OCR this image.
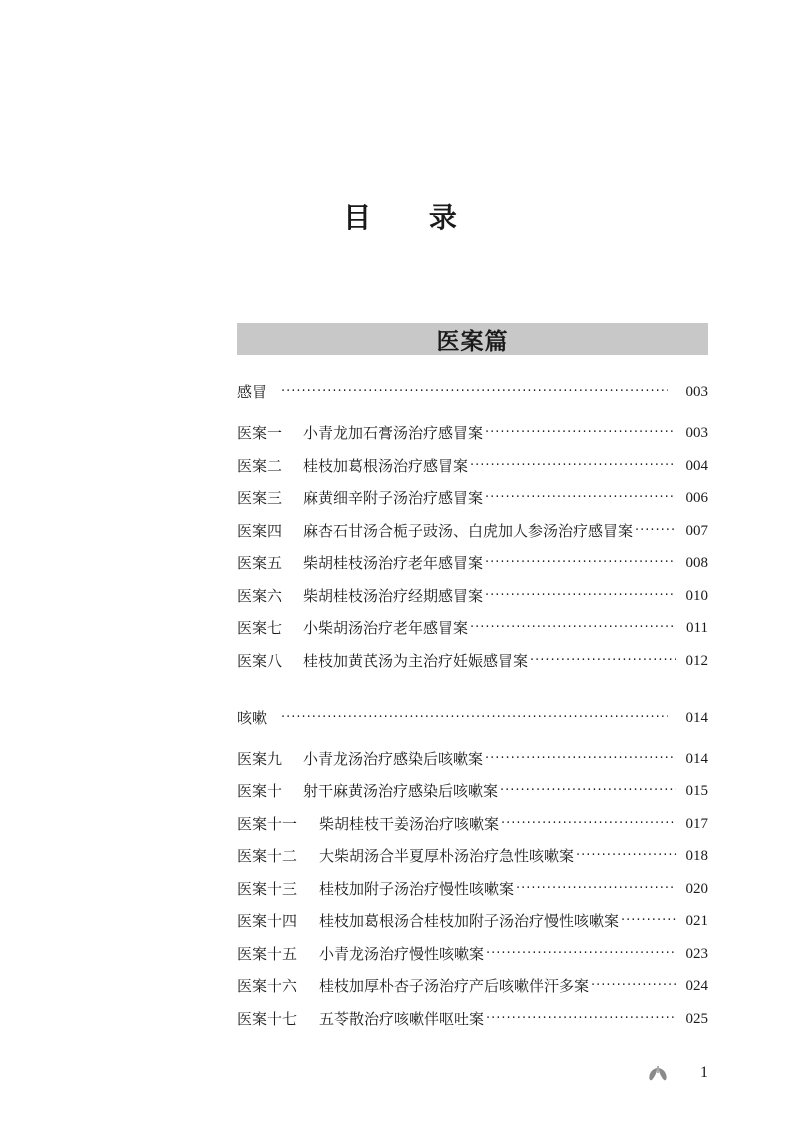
目 录
医案篇
感冒 ·····	003
医案一	小青龙加石膏汤治疗感冒案 ·····	003
医案二	桂枝加葛根汤治疗感冒案 ·····	004
医案三	麻黄细辛附子汤治疗感冒案 ·····	006
医案四	麻杏石甘汤合栀子豉汤、白虎加人参汤治疗感冒案 ·····	007
医案五	柴胡桂枝汤治疗老年感冒案 ·····	008
医案六	柴胡桂枝汤治疗经期感冒案 ·····	010
医案七	小柴胡汤治疗老年感冒案 ·····	011
医案八	桂枝加黄芪汤为主治疗妊娠感冒案 ·····	012
咳嗽 ·····	014
医案九	小青龙汤治疗感染后咳嗽案 ·····	014
医案十	射干麻黄汤治疗感染后咳嗽案 ·····	015
医案十一	柴胡桂枝干姜汤治疗咳嗽案 ·····	017
医案十二	大柴胡汤合半夏厚朴汤治疗急性咳嗽案 ·····	018
医案十三	桂枝加附子汤治疗慢性咳嗽案 ·····	020
医案十四	桂枝加葛根汤合桂枝加附子汤治疗慢性咳嗽案 ·····	021
医案十五	小青龙汤治疗慢性咳嗽案 ·····	023
医案十六	桂枝加厚朴杏子汤治疗产后咳嗽伴汗多案 ·····	024
医案十七	五苓散治疗咳嗽伴呕吐案 ·····	025
1
